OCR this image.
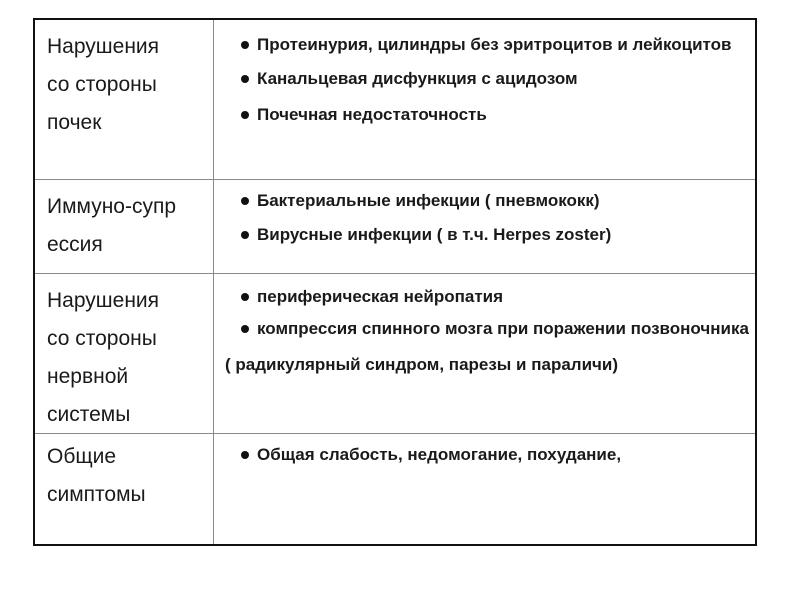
Нарушения
со стороны
почек
Протеинурия, цилиндры без эритроцитов и лейкоцитов
Канальцевая дисфункция с ацидозом
Почечная недостаточность
Иммуно-супр
ессия
Бактериальные инфекции ( пневмококк)
Вирусные инфекции ( в т.ч. Herpes zoster)
Нарушения
со стороны
нервной
системы
периферическая нейропатия
компрессия спинного мозга при поражении позвоночника
( радикулярный синдром, парезы и параличи)
Общие
симптомы
Общая слабость, недомогание, похудание,
